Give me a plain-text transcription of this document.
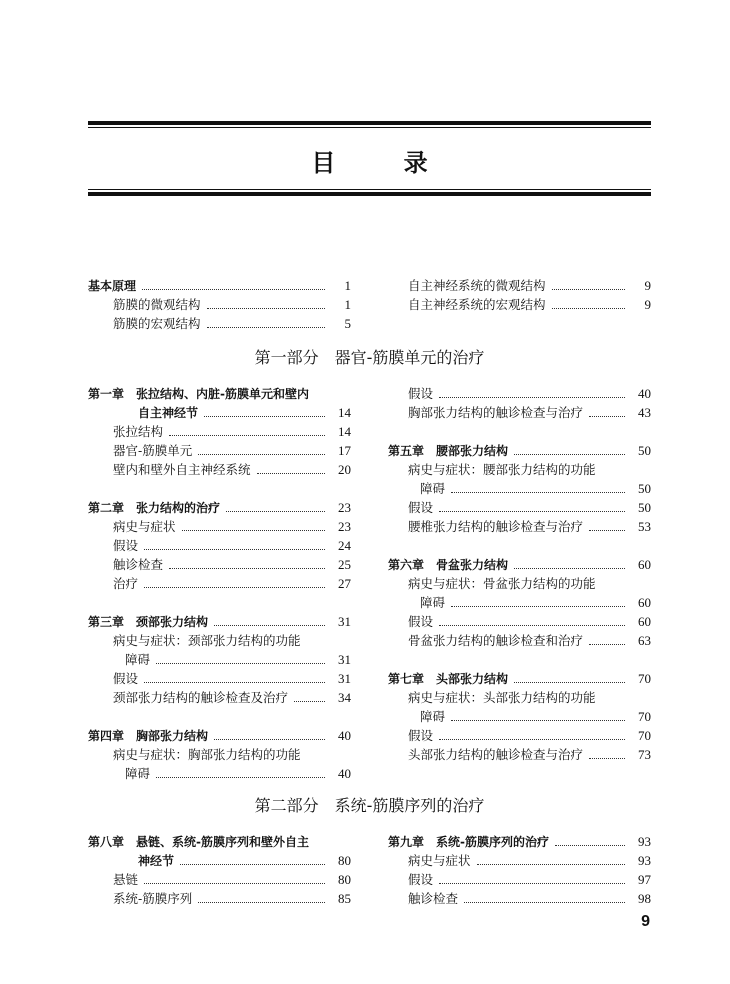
目 录
基本原理	1
筋膜的微观结构	1
筋膜的宏观结构	5
自主神经系统的微观结构	9
自主神经系统的宏观结构	9
第一部分　器官-筋膜单元的治疗
第一章　张拉结构、内脏-筋膜单元和壁内
自主神经节	14
张拉结构	14
器官-筋膜单元	17
壁内和壁外自主神经系统	20
第二章　张力结构的治疗	23
病史与症状	23
假设	24
触诊检查	25
治疗	27
第三章　颈部张力结构	31
病史与症状：颈部张力结构的功能
障碍	31
假设	31
颈部张力结构的触诊检查及治疗	34
第四章　胸部张力结构	40
病史与症状：胸部张力结构的功能
障碍	40
假设	40
胸部张力结构的触诊检查与治疗	43
第五章　腰部张力结构	50
病史与症状：腰部张力结构的功能
障碍	50
假设	50
腰椎张力结构的触诊检查与治疗	53
第六章　骨盆张力结构	60
病史与症状：骨盆张力结构的功能
障碍	60
假设	60
骨盆张力结构的触诊检查和治疗	63
第七章　头部张力结构	70
病史与症状：头部张力结构的功能
障碍	70
假设	70
头部张力结构的触诊检查与治疗	73
第二部分　系统-筋膜序列的治疗
第八章　悬链、系统-筋膜序列和壁外自主
神经节	80
悬链	80
系统-筋膜序列	85
第九章　系统-筋膜序列的治疗	93
病史与症状	93
假设	97
触诊检查	98
9
